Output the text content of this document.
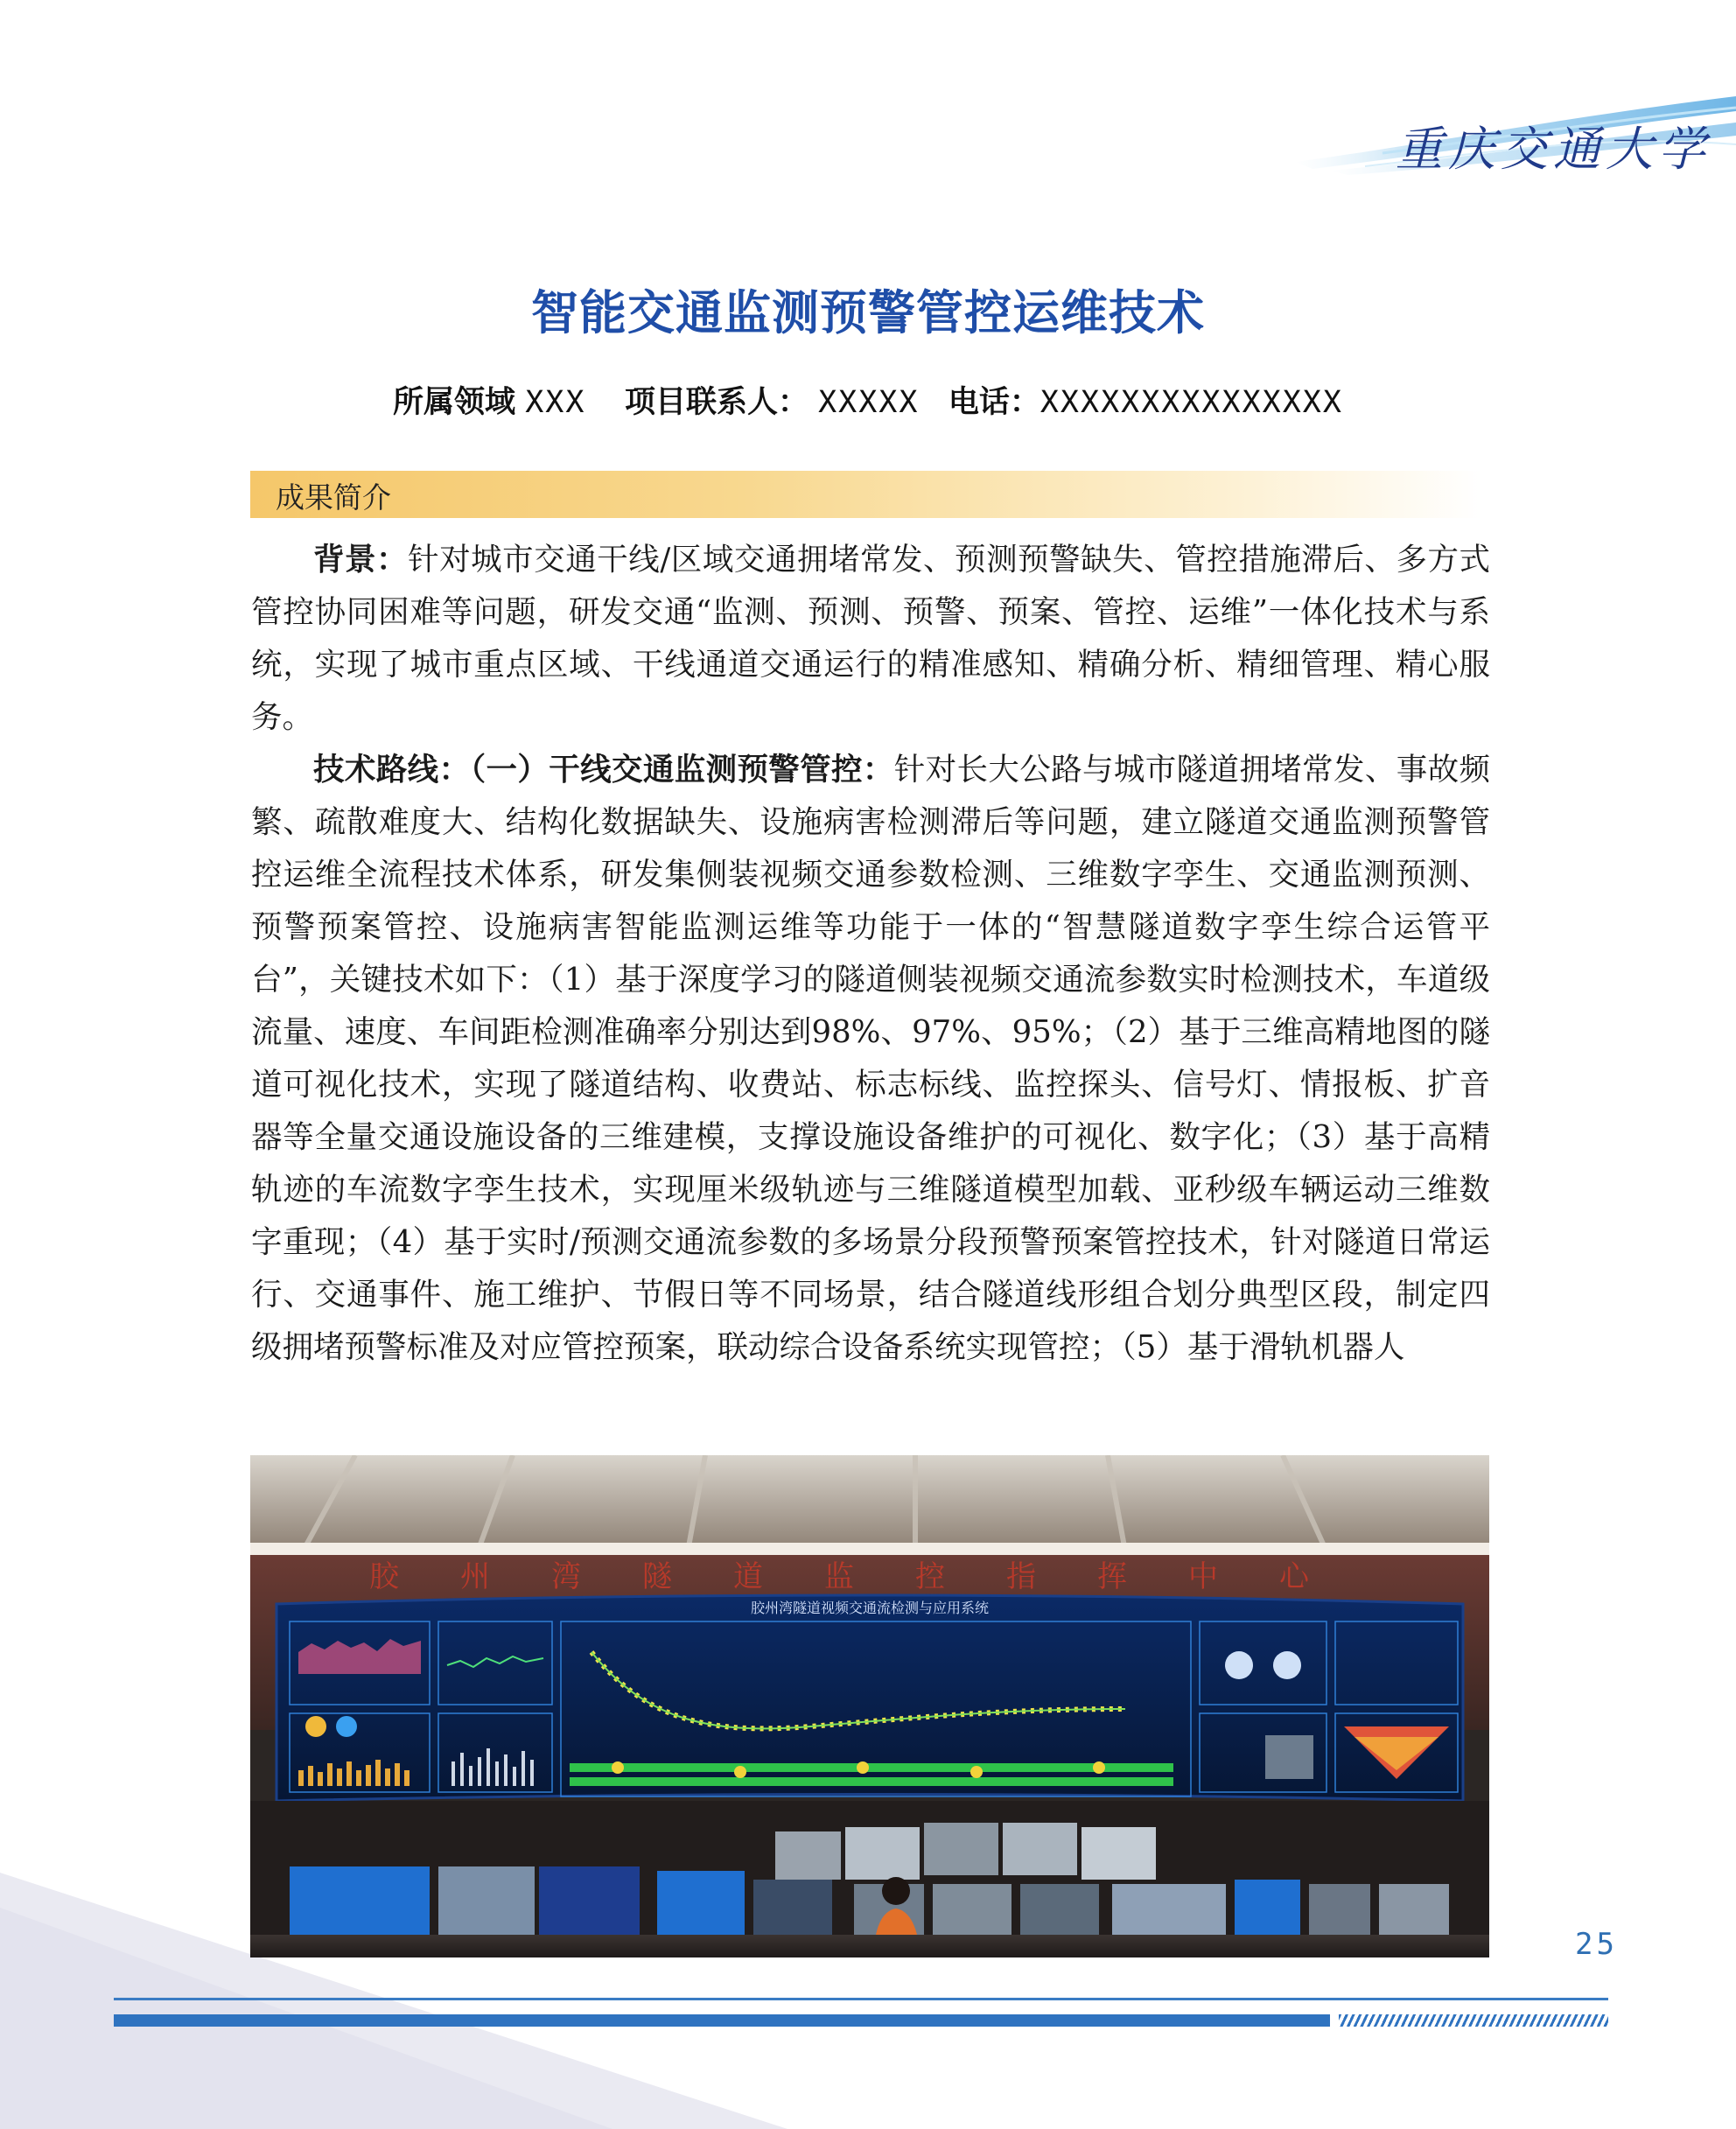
重庆交通大学
智能交通监测预警管控运维技术
所属领域 XXX 项目联系人： XXXXX 电话：XXXXXXXXXXXXXXX
成果简介

背景：针对城市交通干线/区域交通拥堵常发、预测预警缺失、管控措施滞后、多方式管控协同困难等问题，研发交通“监测、预测、预警、预案、管控、运维”一体化技术与系统，实现了城市重点区域、干线通道交通运行的精准感知、精确分析、精细管理、精心服务。

技术路线：（一）干线交通监测预警管控：针对长大公路与城市隧道拥堵常发、事故频繁、疏散难度大、结构化数据缺失、设施病害检测滞后等问题，建立隧道交通监测预警管控运维全流程技术体系，研发集侧装视频交通参数检测、三维数字孪生、交通监测预测、预警预案管控、设施病害智能监测运维等功能于一体的“智慧隧道数字孪生综合运管平台”，关键技术如下：（1）基于深度学习的隧道侧装视频交通流参数实时检测技术，车道级流量、速度、车间距检测准确率分别达到98%、97%、95%；（2）基于三维高精地图的隧道可视化技术，实现了隧道结构、收费站、标志标线、监控探头、信号灯、情报板、扩音器等全量交通设施设备的三维建模，支撑设施设备维护的可视化、数字化；（3）基于高精轨迹的车流数字孪生技术，实现厘米级轨迹与三维隧道模型加载、亚秒级车辆运动三维数字重现；（4）基于实时/预测交通流参数的多场景分段预警预案管控技术，针对隧道日常运行、交通事件、施工维护、节假日等不同场景，结合隧道线形组合划分典型区段，制定四级拥堵预警标准及对应管控预案，联动综合设备系统实现管控；（5）基于滑轨机器人

胶州湾隧道监控指挥中心
胶州湾隧道视频交通流检测与应用系统
25
